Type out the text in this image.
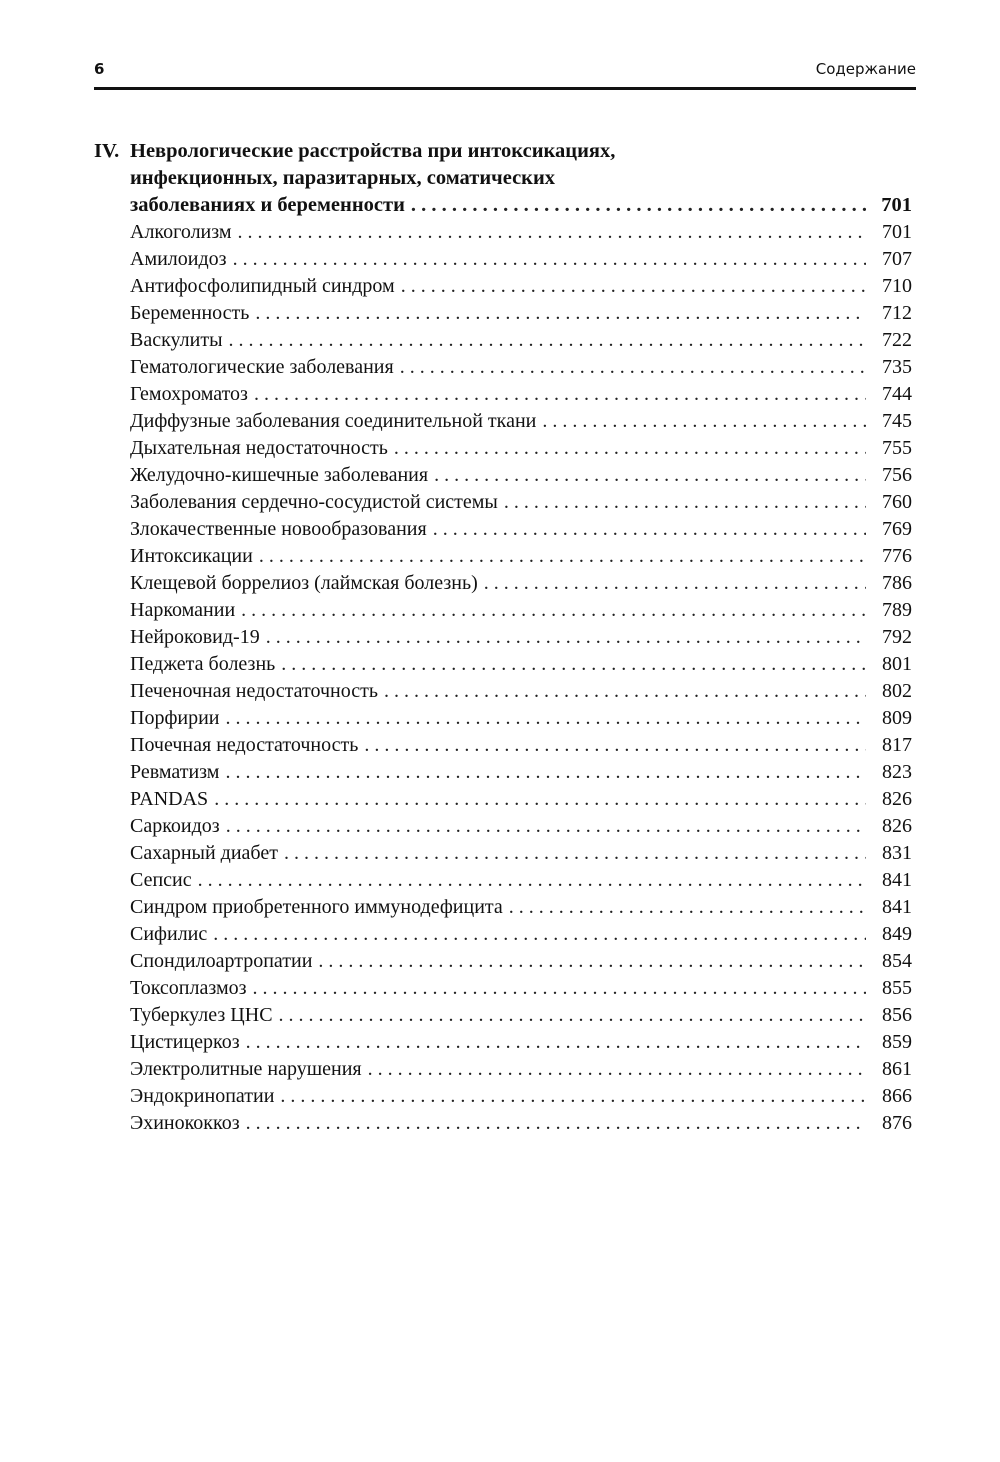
6	Содержание
IV. Неврологические расстройства при интоксикациях,
инфекционных, паразитарных, соматических
заболеваниях и беременности . . .	701
Алкоголизм . . .	701
Амилоидоз . . .	707
Антифосфолипидный синдром . . .	710
Беременность . . .	712
Васкулиты . . .	722
Гематологические заболевания . . .	735
Гемохроматоз . . .	744
Диффузные заболевания соединительной ткани . . .	745
Дыхательная недостаточность . . .	755
Желудочно-кишечные заболевания . . .	756
Заболевания сердечно-сосудистой системы . . .	760
Злокачественные новообразования . . .	769
Интоксикации . . .	776
Клещевой боррелиоз (лаймская болезнь) . . .	786
Наркомании . . .	789
Нейроковид-19 . . .	792
Педжета болезнь . . .	801
Печеночная недостаточность . . .	802
Порфирии . . .	809
Почечная недостаточность . . .	817
Ревматизм . . .	823
PANDAS . . .	826
Саркоидоз . . .	826
Сахарный диабет . . .	831
Сепсис . . .	841
Синдром приобретенного иммунодефицита . . .	841
Сифилис . . .	849
Спондилоартропатии . . .	854
Токсоплазмоз . . .	855
Туберкулез ЦНС . . .	856
Цистицеркоз . . .	859
Электролитные нарушения . . .	861
Эндокринопатии . . .	866
Эхинококкоз . . .	876
